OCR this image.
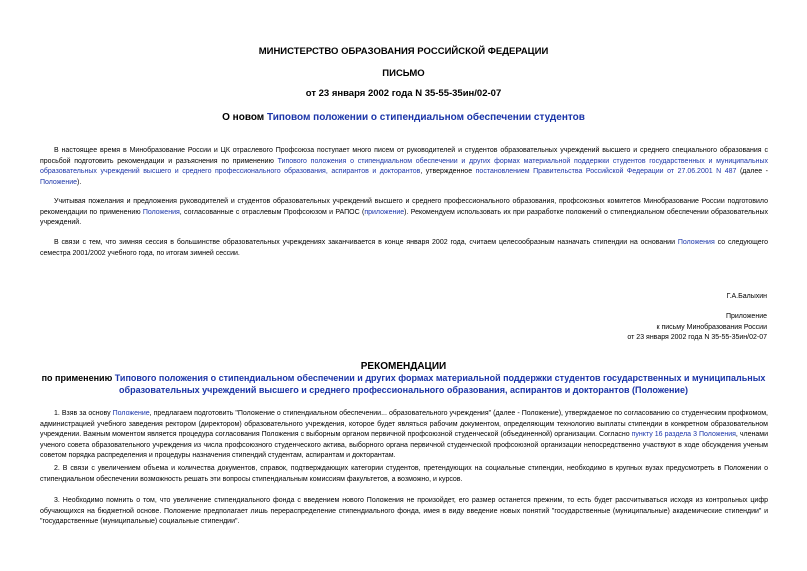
МИНИСТЕРСТВО ОБРАЗОВАНИЯ РОССИЙСКОЙ ФЕДЕРАЦИИ
ПИСЬМО
от 23 января 2002 года N 35-55-35ин/02-07
О новом Типовом положении о стипендиальном обеспечении студентов
В настоящее время в Минобразование России и ЦК отраслевого Профсоюза поступает много писем от руководителей и студентов образовательных учреждений высшего и среднего специального образования с просьбой подготовить рекомендации и разъяснения по применению Типового положения о стипендиальном обеспечении и других формах материальной поддержки студентов государственных и муниципальных образовательных учреждений высшего и среднего профессионального образования, аспирантов и докторантов, утвержденное постановлением Правительства Российской Федерации от 27.06.2001 N 487 (далее - Положение).
Учитывая пожелания и предложения руководителей и студентов образовательных учреждений высшего и среднего профессионального образования, профсоюзных комитетов Минобразование России подготовило рекомендации по применению Положения, согласованные с отраслевым Профсоюзом и РАПОС (приложение). Рекомендуем использовать их при разработке положений о стипендиальном обеспечении образовательных учреждений.
В связи с тем, что зимняя сессия в большинстве образовательных учреждениях заканчивается в конце января 2002 года, считаем целесообразным назначать стипендии на основании Положения со следующего семестра 2001/2002 учебного года, по итогам зимней сессии.
Г.А.Балыхин
Приложение
к письму Минобразования России
от 23 января 2002 года N 35-55-35ин/02-07
РЕКОМЕНДАЦИИ
по применению Типового положения о стипендиальном обеспечении и других формах материальной поддержки студентов государственных и муниципальных образовательных учреждений высшего и среднего профессионального образования, аспирантов и докторантов (Положение)
1. Взяв за основу Положение, предлагаем подготовить "Положение о стипендиальном обеспечении... образовательного учреждения" (далее - Положение), утверждаемое по согласованию со студенческим профкомом, администрацией учебного заведения ректором (директором) образовательного учреждения, которое будет являться рабочим документом, определяющим технологию выплаты стипендии в конкретном образовательном учреждении. Важным моментом является процедура согласования Положения с выборным органом первичной профсоюзной студенческой (объединенной) организации. Согласно пункту 16 раздела 3 Положения, членами ученого совета образовательного учреждения из числа профсоюзного студенческого актива, выборного органа первичной студенческой профсоюзной организации непосредственно участвуют в ходе обсуждения ученым советом порядка распределения и процедуры назначения стипендий студентам, аспирантам и докторантам.
2. В связи с увеличением объема и количества документов, справок, подтверждающих категории студентов, претендующих на социальные стипендии, необходимо в крупных вузах предусмотреть в Положении о стипендиальном обеспечении возможность решать эти вопросы стипендиальным комиссиям факультетов, а возможно, и курсов.
3. Необходимо помнить о том, что увеличение стипендиального фонда с введением нового Положения не произойдет, его размер останется прежним, то есть будет рассчитываться исходя из контрольных цифр обучающихся на бюджетной основе. Положение предполагает лишь перераспределение стипендиального фонда, имея в виду введение новых понятий "государственные (муниципальные) академические стипендии" и "государственные (муниципальные) социальные стипендии".
